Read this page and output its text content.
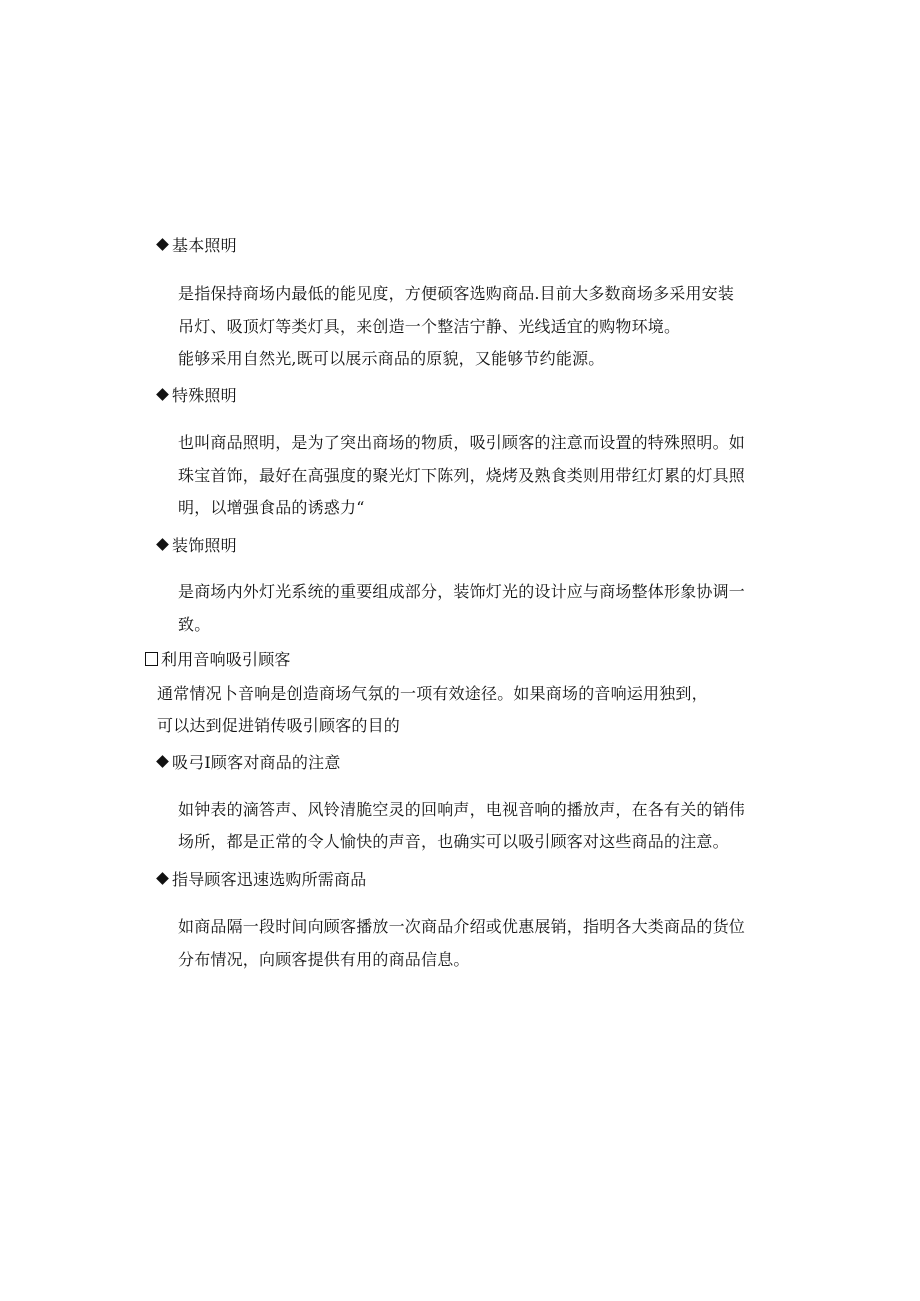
基本照明
是指保持商场内最低的能见度，方便硕客选购商品.目前大多数商场多采用安装
吊灯、吸顶灯等类灯具，来创造一个整洁宁静、光线适宜的购物环境。
能够采用自然光,既可以展示商品的原貌，又能够节约能源。
特殊照明
也叫商品照明，是为了突出商场的物质，吸引顾客的注意而设置的特殊照明。如
珠宝首饰，最好在高强度的聚光灯下陈列，烧烤及熟食类则用带红灯累的灯具照
明，以增强食品的诱惑力“
装饰照明
是商场内外灯光系统的重要组成部分，装饰灯光的设计应与商场整体形象协调一
致。
利用音响吸引顾客
通常情况卜音响是创造商场气氛的一项有效途径。如果商场的音响运用独到，
可以达到促进销传吸引顾客的目的
吸弓I顾客对商品的注意
如钟表的滴答声、风铃清脆空灵的回响声，电视音响的播放声，在各有关的销伟
场所，都是正常的令人愉快的声音，也确实可以吸引顾客对这些商品的注意。
指导顾客迅速选购所需商品
如商品隔一段时间向顾客播放一次商品介绍或优惠展销，指明各大类商品的货位
分布情况，向顾客提供有用的商品信息。
